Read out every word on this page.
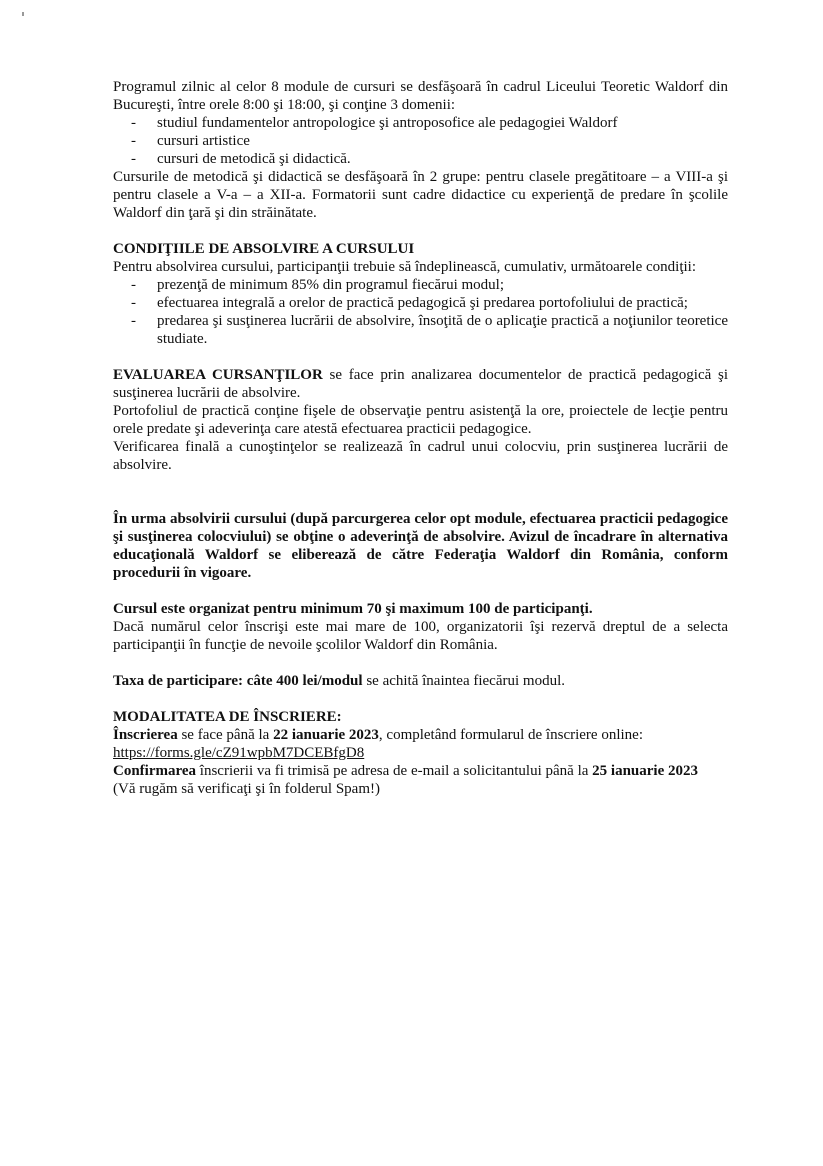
Programul zilnic al celor 8 module de cursuri se desfăşoară în cadrul Liceului Teoretic Waldorf din Bucureşti, între orele 8:00 şi 18:00, şi conţine 3 domenii:

- studiul fundamentelor antropologice şi antroposofice ale pedagogiei Waldorf
- cursuri artistice
- cursuri de metodică şi didactică.

Cursurile de metodică şi didactică se desfăşoară în 2 grupe: pentru clasele pregătitoare – a VIII-a şi pentru clasele a V-a – a XII-a. Formatorii sunt cadre didactice cu experienţă de predare în şcolile Waldorf din ţară şi din străinătate.

CONDIŢIILE DE ABSOLVIRE A CURSULUI

Pentru absolvirea cursului, participanţii trebuie să îndeplinească, cumulativ, următoarele condiţii:

- prezenţă de minimum 85% din programul fiecărui modul;
- efectuarea integrală a orelor de practică pedagogică şi predarea portofoliului de practică;
- predarea şi susţinerea lucrării de absolvire, însoţită de o aplicaţie practică a noţiunilor teoretice studiate.

EVALUAREA CURSANŢILOR se face prin analizarea documentelor de practică pedagogică şi susţinerea lucrării de absolvire.

Portofoliul de practică conţine fişele de observaţie pentru asistenţă la ore, proiectele de lecţie pentru orele predate şi adeverinţa care atestă efectuarea practicii pedagogice.

Verificarea finală a cunoştinţelor se realizează în cadrul unui colocviu, prin susţinerea lucrării de absolvire.

În urma absolvirii cursului (după parcurgerea celor opt module, efectuarea practicii pedagogice şi susţinerea colocviului) se obţine o adeverinţă de absolvire. Avizul de încadrare în alternativa educaţională Waldorf se eliberează de către Federaţia Waldorf din România, conform procedurii în vigoare.

Cursul este organizat pentru minimum 70 şi maximum 100 de participanţi.

Dacă numărul celor înscrişi este mai mare de 100, organizatorii îşi rezervă dreptul de a selecta participanţii în funcţie de nevoile şcolilor Waldorf din România.

Taxa de participare: câte 400 lei/modul se achită înaintea fiecărui modul.

MODALITATEA DE ÎNSCRIERE:

Înscrierea se face până la 22 ianuarie 2023, completând formularul de înscriere online:

https://forms.gle/cZ91wpbM7DCEBfgD8

Confirmarea înscrierii va fi trimisă pe adresa de e-mail a solicitantului până la 25 ianuarie 2023

(Vă rugăm să verificaţi şi în folderul Spam!)
